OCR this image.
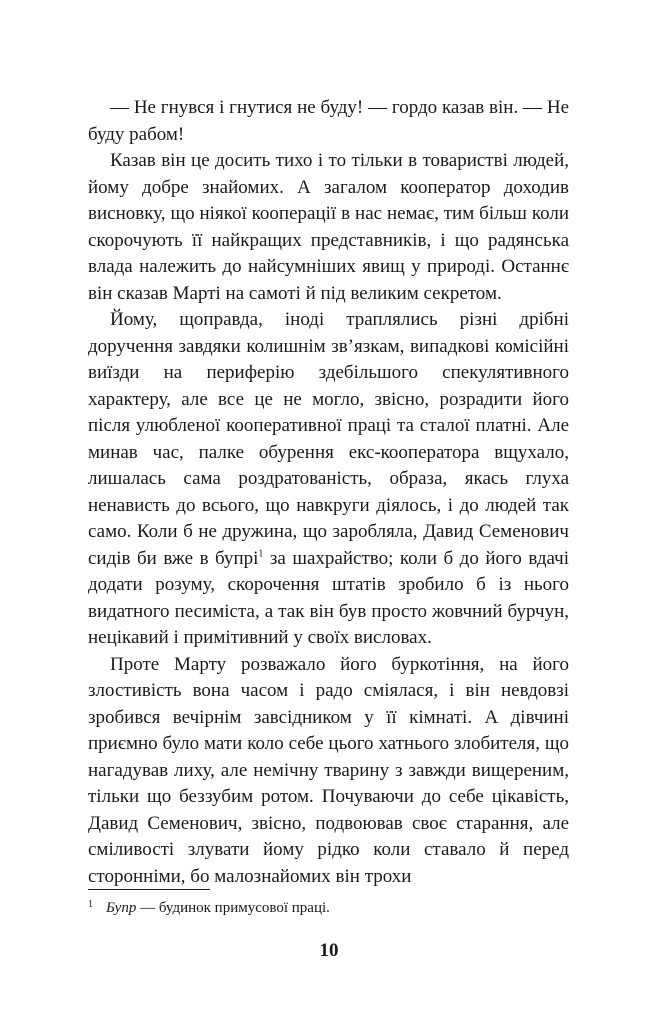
— Не гнувся і гнутися не буду! — гордо казав він. — Не буду рабом!

Казав він це досить тихо і то тільки в товаристві людей, йому добре знайомих. А загалом кооператор доходив висновку, що ніякої кооперації в нас немає, тим більш коли скорочують її найкращих представників, і що радянська влада належить до найсумніших явищ у природі. Останнє він сказав Марті на самоті й під великим секретом.

Йому, щоправда, іноді траплялись різні дрібні доручення завдяки колишнім зв’язкам, випадкові комісійні виїзди на периферію здебільшого спекулятивного характеру, але все це не могло, звісно, розрадити його після улюбленої кооперативної праці та сталої платні. Але минав час, палке обурення екс-кооператора вщухало, лишалась сама роздратованість, образа, якась глуха ненависть до всього, що навкруги діялось, і до людей так само. Коли б не дружина, що заробляла, Давид Семенович сидів би вже в бупрі$^1$ за шахрайство; коли б до його вдачі додати розуму, скорочення штатів зробило б із нього видатного песиміста, а так він був просто жовчний бурчун, нецікавий і примітивний у своїх висловах.

Проте Марту розважало його буркотіння, на його злостивість вона часом і радо сміялася, і він невдовзі зробився вечірнім завсідником у її кімнаті. А дівчині приємно було мати коло себе цього хатнього злобителя, що нагадував лиху, але немічну тварину з завжди вищереним, тільки що беззубим ротом. Почуваючи до себе цікавість, Давид Семенович, звісно, подвоював своє старання, але сміливості злувати йому рідко коли ставало й перед сторонніми, бо малознайомих він трохи

1 Бупр — будинок примусової праці.
10
